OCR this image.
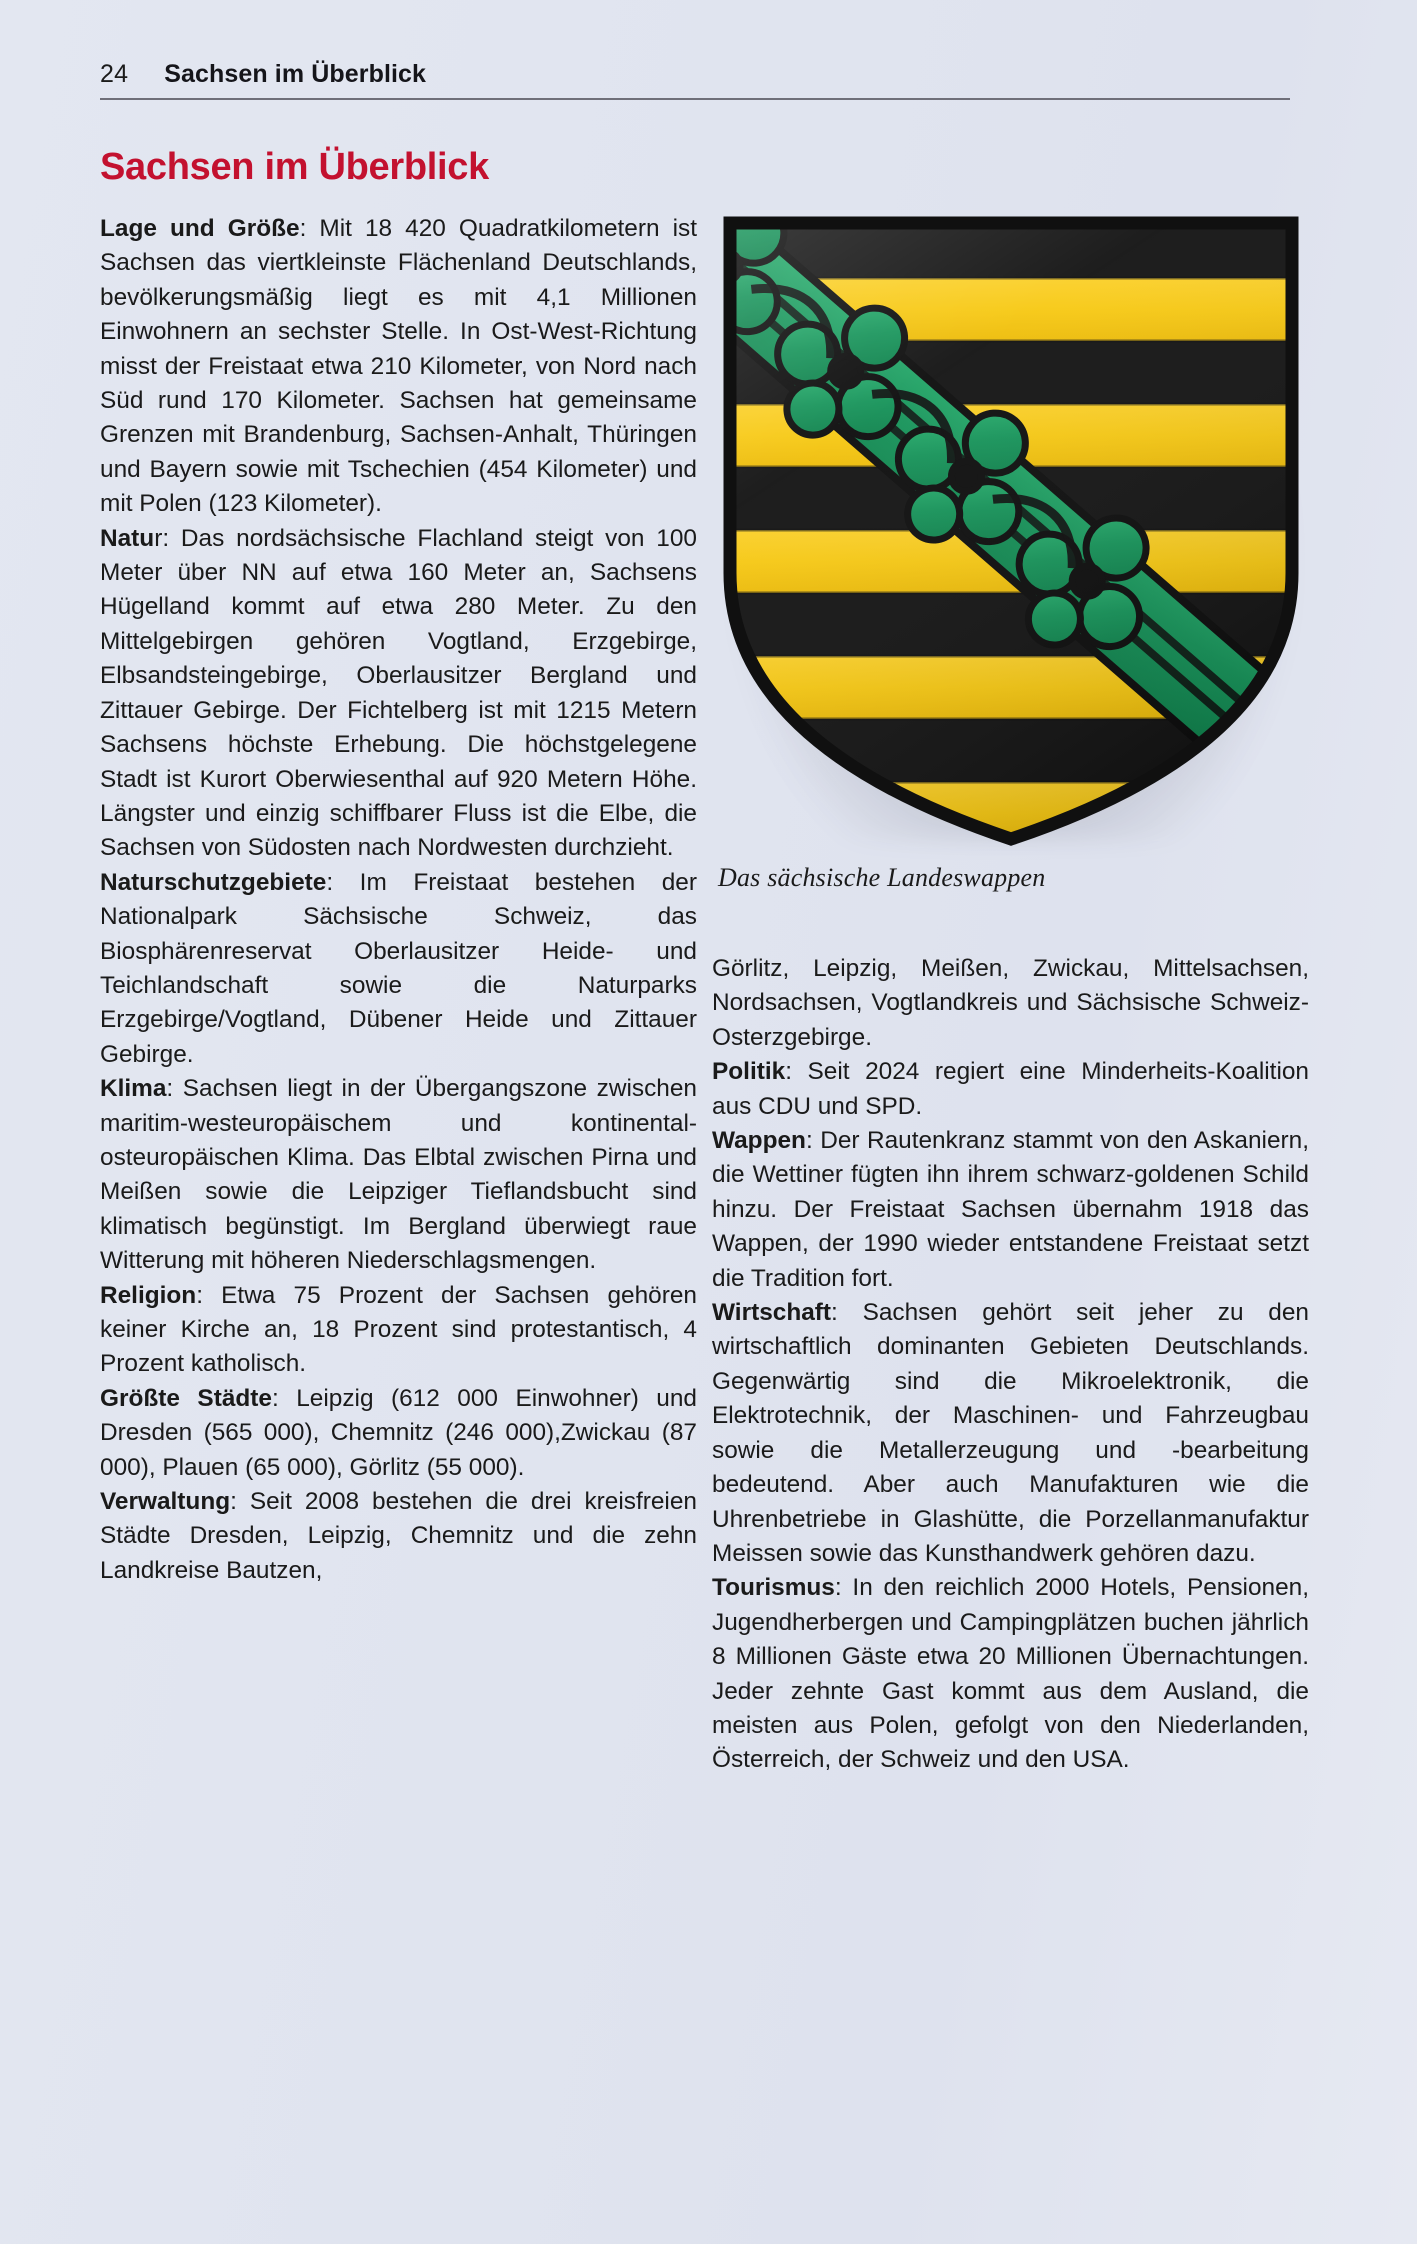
24 Sachsen im Überblick
Sachsen im Überblick

Lage und Größe: Mit 18 420 Quadratkilometern ist Sachsen das viertkleinste Flächenland Deutschlands, bevölkerungsmäßig liegt es mit 4,1 Millionen Einwohnern an sechster Stelle. In Ost-West-Richtung misst der Freistaat etwa 210 Kilometer, von Nord nach Süd rund 170 Kilometer. Sachsen hat gemeinsame Grenzen mit Brandenburg, Sachsen-Anhalt, Thüringen und Bayern sowie mit Tschechien (454 Kilometer) und mit Polen (123 Kilometer).

Natur: Das nordsächsische Flachland steigt von 100 Meter über NN auf etwa 160 Meter an, Sachsens Hügelland kommt auf etwa 280 Meter. Zu den Mittelgebirgen gehören Vogtland, Erzgebirge, Elbsandsteingebirge, Oberlausitzer Bergland und Zittauer Gebirge. Der Fichtelberg ist mit 1215 Metern Sachsens höchste Erhebung. Die höchstgelegene Stadt ist Kurort Oberwiesenthal auf 920 Metern Höhe. Längster und einzig schiffbarer Fluss ist die Elbe, die Sachsen von Südosten nach Nordwesten durchzieht.

Naturschutzgebiete: Im Freistaat bestehen der Nationalpark Sächsische Schweiz, das Biosphärenreservat Oberlausitzer Heide- und Teichlandschaft sowie die Naturparks Erzgebirge/Vogtland, Dübener Heide und Zittauer Gebirge.

Klima: Sachsen liegt in der Übergangszone zwischen maritim-westeuropäischem und kontinental-osteuropäischen Klima. Das Elbtal zwischen Pirna und Meißen sowie die Leipziger Tieflandsbucht sind klimatisch begünstigt. Im Bergland überwiegt raue Witterung mit höheren Niederschlagsmengen.

Religion: Etwa 75 Prozent der Sachsen gehören keiner Kirche an, 18 Prozent sind protestantisch, 4 Prozent katholisch.

Größte Städte: Leipzig (612 000 Einwohner) und Dresden (565 000), Chemnitz (246 000),Zwickau (87 000), Plauen (65 000), Görlitz (55 000).

Verwaltung: Seit 2008 bestehen die drei kreisfreien Städte Dresden, Leipzig, Chemnitz und die zehn Landkreise Bautzen,

Das sächsische Landeswappen

Görlitz, Leipzig, Meißen, Zwickau, Mittelsachsen, Nordsachsen, Vogtlandkreis und Sächsische Schweiz-Osterzgebirge.

Politik: Seit 2024 regiert eine Minderheits-Koalition aus CDU und SPD.

Wappen: Der Rautenkranz stammt von den Askaniern, die Wettiner fügten ihn ihrem schwarz-goldenen Schild hinzu. Der Freistaat Sachsen übernahm 1918 das Wappen, der 1990 wieder entstandene Freistaat setzt die Tradition fort.

Wirtschaft: Sachsen gehört seit jeher zu den wirtschaftlich dominanten Gebieten Deutschlands. Gegenwärtig sind die Mikroelektronik, die Elektrotechnik, der Maschinen- und Fahrzeugbau sowie die Metallerzeugung und -bearbeitung bedeutend. Aber auch Manufakturen wie die Uhrenbetriebe in Glashütte, die Porzellanmanufaktur Meissen sowie das Kunsthandwerk gehören dazu.

Tourismus: In den reichlich 2000 Hotels, Pensionen, Jugendherbergen und Campingplätzen buchen jährlich 8 Millionen Gäste etwa 20 Millionen Übernachtungen. Jeder zehnte Gast kommt aus dem Ausland, die meisten aus Polen, gefolgt von den Niederlanden, Österreich, der Schweiz und den USA.
